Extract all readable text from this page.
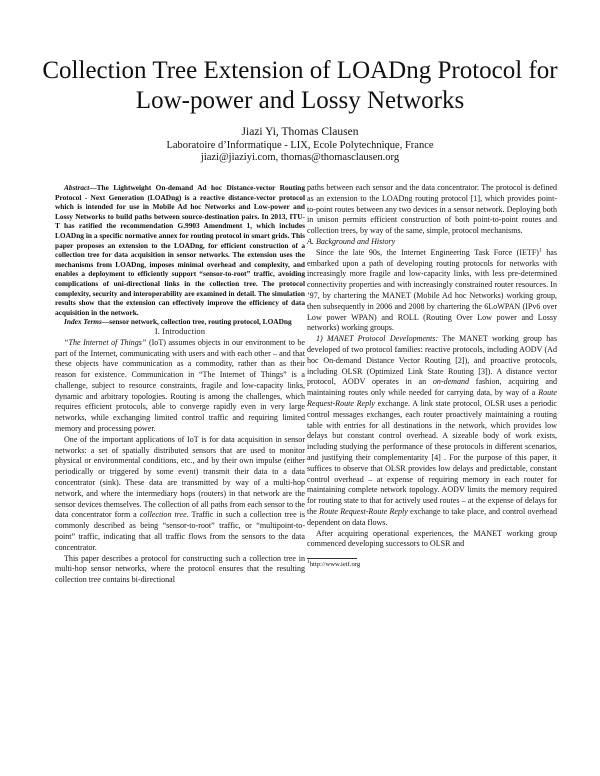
Collection Tree Extension of LOADng Protocol for
Low-power and Lossy Networks
Jiazi Yi, Thomas Clausen
Laboratoire d’Informatique - LIX, Ecole Polytechnique, France
jiazi@jiaziyi.com, thomas@thomasclausen.org

Abstract—The Lightweight On-demand Ad hoc Distance-vector Routing Protocol - Next Generation (LOADng) is a reactive distance-vector protocol which is intended for use in Mobile Ad hoc Networks and Low-power and Lossy Networks to build paths between source-destination pairs. In 2013, ITU-T has ratified the recommendation G.9903 Amendment 1, which includes LOADng in a specific normative annex for routing protocol in smart grids. This paper proposes an extension to the LOADng, for efficient construction of a collection tree for data acquisition in sensor networks. The extension uses the mechanisms from LOADng, imposes minimal overhead and complexity, and enables a deployment to efficiently support “sensor-to-root” traffic, avoiding complications of uni-directional links in the collection tree. The protocol complexity, security and interoperability are examined in detail. The simulation results show that the extension can effectively improve the efficiency of data acquisition in the network.

Index Terms—sensor network, collection tree, routing protocol, LOADng

I. Introduction

“The Internet of Things” (IoT) assumes objects in our environment to be part of the Internet, communicating with users and with each other – and that these objects have communication as a commodity, rather than as their reason for existence. Communication in “The Internet of Things” is a challenge, subject to resource constraints, fragile and low-capacity links, dynamic and arbitrary topologies. Routing is among the challenges, which requires efficient protocols, able to converge rapidly even in very large networks, while exchanging limited control traffic and requiring limited memory and processing power.

One of the important applications of IoT is for data acquisition in sensor networks: a set of spatially distributed sensors that are used to monitor physical or environmental conditions, etc., and by their own impulse (either periodically or triggered by some event) transmit their data to a data concentrator (sink). These data are transmitted by way of a multi-hop network, and where the intermediary hops (routers) in that network are the sensor devices themselves. The collection of all paths from each sensor to the data concentrator form a collection tree. Traffic in such a collection tree is commonly described as being “sensor-to-root” traffic, or “multipoint-to-point” traffic, indicating that all traffic flows from the sensors to the data concentrator.

This paper describes a protocol for constructing such a collection tree in multi-hop sensor networks, where the protocol ensures that the resulting collection tree contains bi-directional

paths between each sensor and the data concentrator. The protocol is defined as an extension to the LOADng routing protocol [1], which provides point-to-point routes between any two devices in a sensor network. Deploying both in unison permits efficient construction of both point-to-point routes and collection trees, by way of the same, simple, protocol mechanisms.

A. Background and History

Since the late 90s, the Internet Engineering Task Force (IETF)$^1$ has embarked upon a path of developing routing protocols for networks with increasingly more fragile and low-capacity links, with less pre-determined connectivity properties and with increasingly constrained router resources. In ’97, by chartering the MANET (Mobile Ad hoc Networks) working group, then subsequently in 2006 and 2008 by chartering the 6LoWPAN (IPv6 over Low power WPAN) and ROLL (Routing Over Low power and Lossy networks) working groups.

1) MANET Protocol Developments: The MANET working group has developed of two protocol families: reactive protocols, including AODV (Ad hoc On-demand Distance Vector Routing [2]), and proactive protocols, including OLSR (Optimized Link State Routing [3]). A distance vector protocol, AODV operates in an on-demand fashion, acquiring and maintaining routes only while needed for carrying data, by way of a Route Request-Route Reply exchange. A link state protocol, OLSR uses a periodic control messages exchanges, each router proactively maintaining a routing table with entries for all destinations in the network, which provides low delays but constant control overhead. A sizeable body of work exists, including studying the performance of these protocols in different scenarios, and justifying their complementarity [4] . For the purpose of this paper, it suffices to observe that OLSR provides low delays and predictable, constant control overhead – at expense of requiring memory in each router for maintaining complete network topology. AODV limits the memory required for routing state to that for actively used routes – at the expense of delays for the Route Request-Route Reply exchange to take place, and control overhead dependent on data flows.

After acquiring operational experiences, the MANET working group commenced developing successors to OLSR and

$^1$http://www.ietf.org
